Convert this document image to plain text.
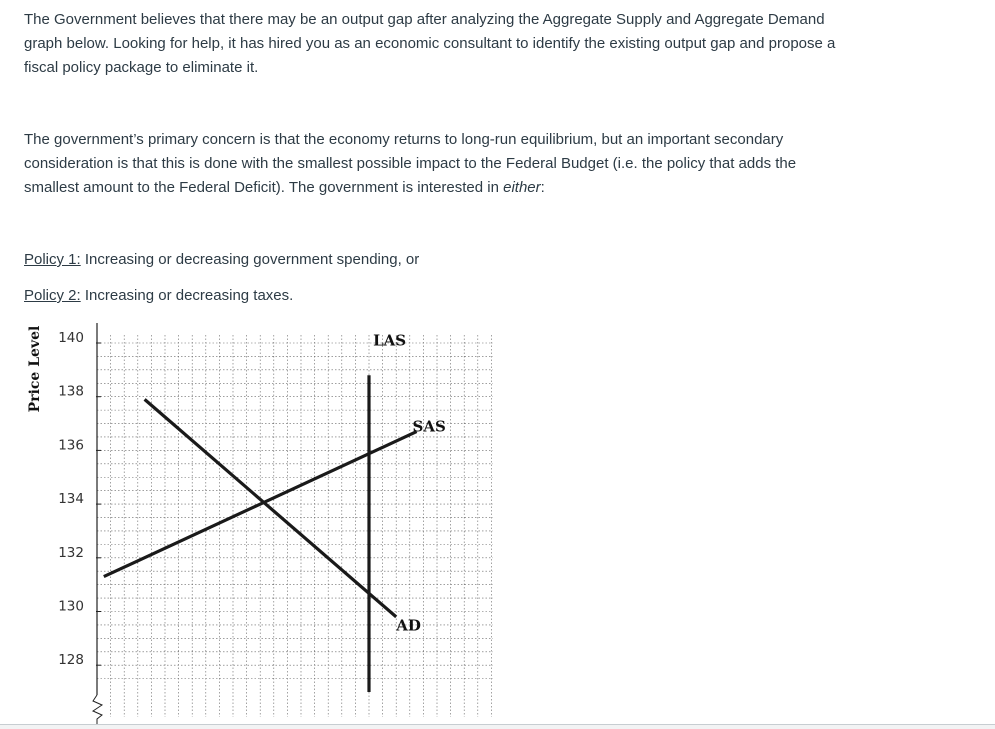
The Government believes that there may be an output gap after analyzing the Aggregate Supply and Aggregate Demand graph below. Looking for help, it has hired you as an economic consultant to identify the existing output gap and propose a fiscal policy package to eliminate it.

The government’s primary concern is that the economy returns to long-run equilibrium, but an important secondary consideration is that this is done with the smallest possible impact to the Federal Budget (i.e. the policy that adds the smallest amount to the Federal Deficit). The government is interested in either:

Policy 1: Increasing or decreasing government spending, or

Policy 2: Increasing or decreasing taxes.

140
138
136
134
132
130
128
Price Level	LAS
SAS
AD
